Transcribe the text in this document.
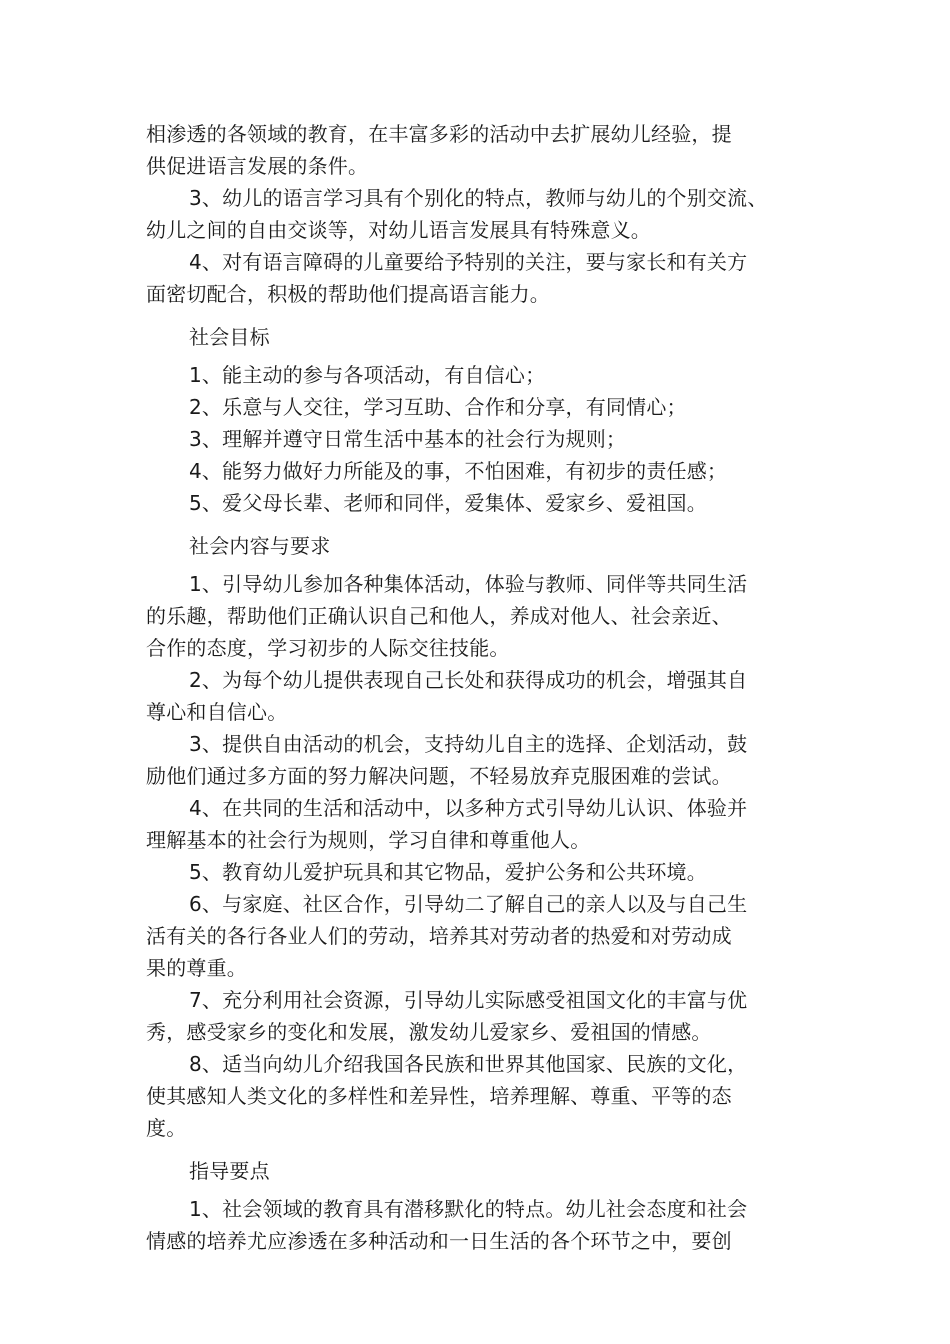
相渗透的各领域的教育，在丰富多彩的活动中去扩展幼儿经验，提
供促进语言发展的条件。
3、幼儿的语言学习具有个别化的特点，教师与幼儿的个别交流、
幼儿之间的自由交谈等，对幼儿语言发展具有特殊意义。
4、对有语言障碍的儿童要给予特别的关注，要与家长和有关方
面密切配合，积极的帮助他们提高语言能力。
社会目标
1、能主动的参与各项活动，有自信心；
2、乐意与人交往，学习互助、合作和分享，有同情心；
3、理解并遵守日常生活中基本的社会行为规则；
4、能努力做好力所能及的事，不怕困难，有初步的责任感；
5、爱父母长辈、老师和同伴，爱集体、爱家乡、爱祖国。
社会内容与要求
1、引导幼儿参加各种集体活动，体验与教师、同伴等共同生活
的乐趣，帮助他们正确认识自己和他人，养成对他人、社会亲近、
合作的态度，学习初步的人际交往技能。
2、为每个幼儿提供表现自己长处和获得成功的机会，增强其自
尊心和自信心。
3、提供自由活动的机会，支持幼儿自主的选择、企划活动，鼓
励他们通过多方面的努力解决问题，不轻易放弃克服困难的尝试。
4、在共同的生活和活动中，以多种方式引导幼儿认识、体验并
理解基本的社会行为规则，学习自律和尊重他人。
5、教育幼儿爱护玩具和其它物品，爱护公务和公共环境。
6、与家庭、社区合作，引导幼二了解自己的亲人以及与自己生
活有关的各行各业人们的劳动，培养其对劳动者的热爱和对劳动成
果的尊重。
7、充分利用社会资源，引导幼儿实际感受祖国文化的丰富与优
秀，感受家乡的变化和发展，激发幼儿爱家乡、爱祖国的情感。
8、适当向幼儿介绍我国各民族和世界其他国家、民族的文化，
使其感知人类文化的多样性和差异性，培养理解、尊重、平等的态
度。
指导要点
1、社会领域的教育具有潜移默化的特点。幼儿社会态度和社会
情感的培养尤应渗透在多种活动和一日生活的各个环节之中，要创
